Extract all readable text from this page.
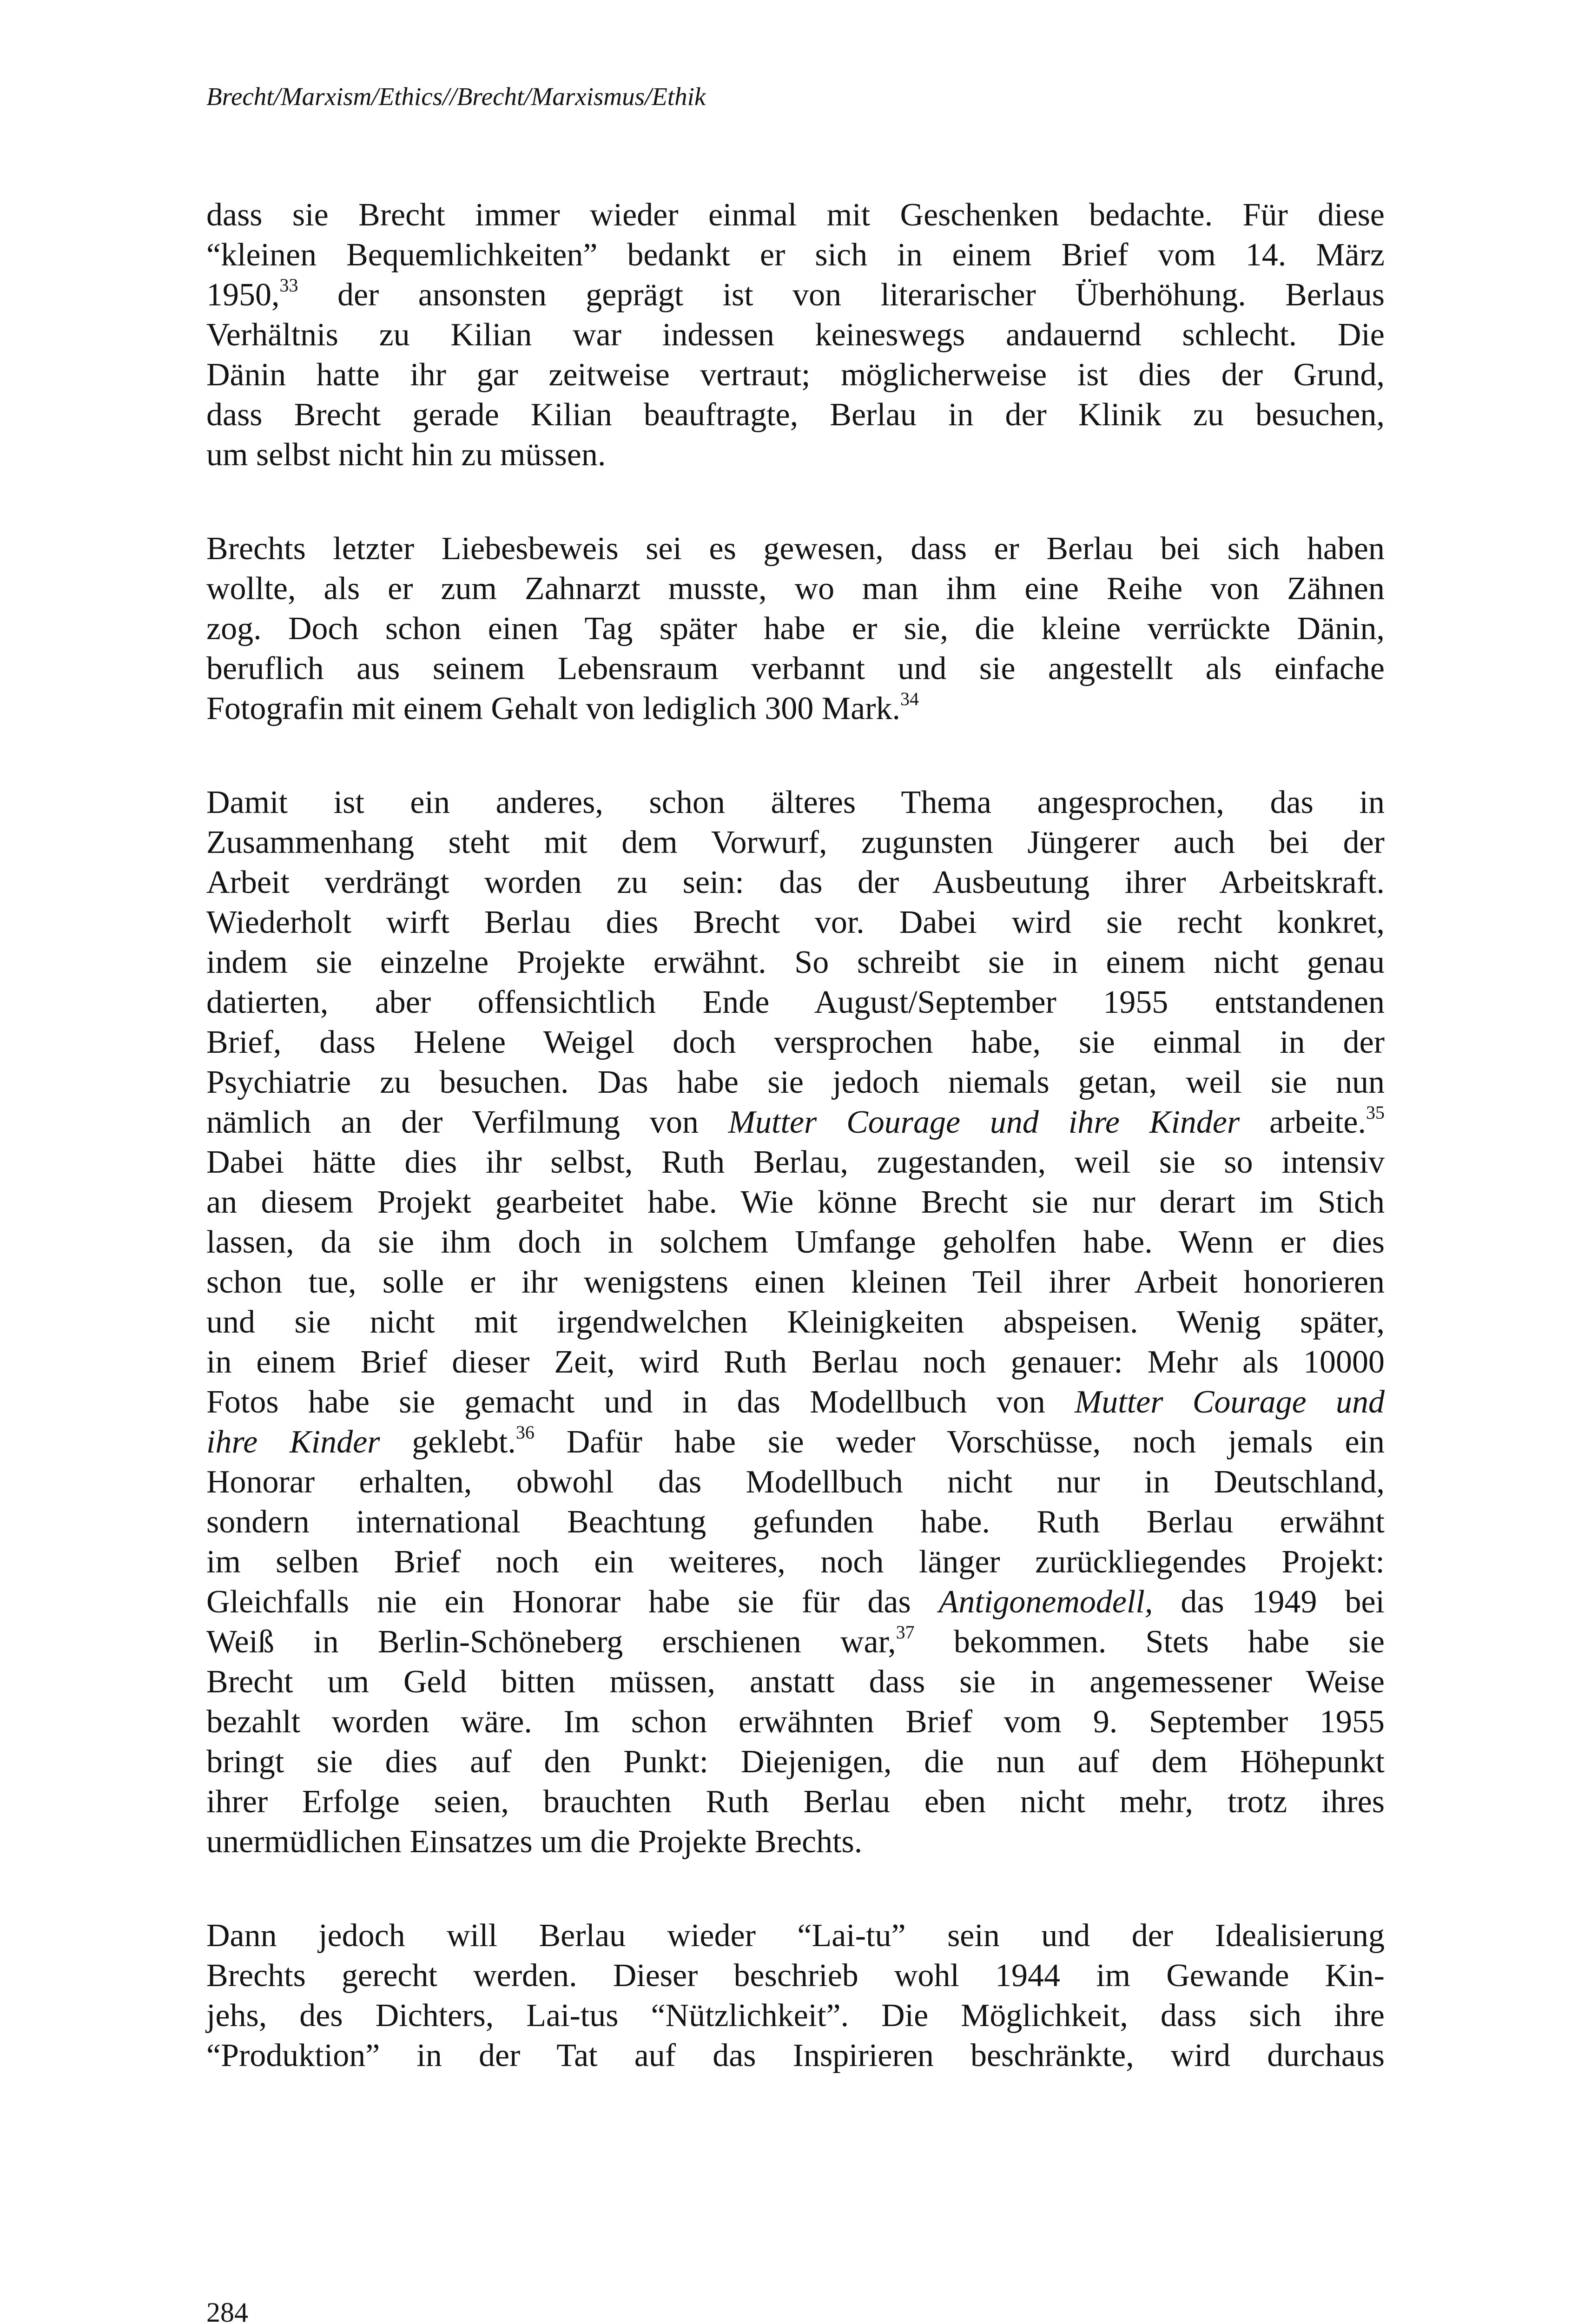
Brecht/Marxism/Ethics//Brecht/Marxismus/Ethik
dass sie Brecht immer wieder einmal mit Geschenken bedachte. Für diese
“kleinen Bequemlichkeiten” bedankt er sich in einem Brief vom 14. März
1950,33 der ansonsten geprägt ist von literarischer Überhöhung. Berlaus
Verhältnis zu Kilian war indessen keineswegs andauernd schlecht. Die
Dänin hatte ihr gar zeitweise vertraut; möglicherweise ist dies der Grund,
dass Brecht gerade Kilian beauftragte, Berlau in der Klinik zu besuchen,
um selbst nicht hin zu müssen.
Brechts letzter Liebesbeweis sei es gewesen, dass er Berlau bei sich haben
wollte, als er zum Zahnarzt musste, wo man ihm eine Reihe von Zähnen
zog. Doch schon einen Tag später habe er sie, die kleine verrückte Dänin,
beruflich aus seinem Lebensraum verbannt und sie angestellt als einfache
Fotografin mit einem Gehalt von lediglich 300 Mark.$^{34}$
Damit ist ein anderes, schon älteres Thema angesprochen, das in
Zusammenhang steht mit dem Vorwurf, zugunsten Jüngerer auch bei der
Arbeit verdrängt worden zu sein: das der Ausbeutung ihrer Arbeitskraft.
Wiederholt wirft Berlau dies Brecht vor. Dabei wird sie recht konkret,
indem sie einzelne Projekte erwähnt. So schreibt sie in einem nicht genau
datierten, aber offensichtlich Ende August/September 1955 entstandenen
Brief, dass Helene Weigel doch versprochen habe, sie einmal in der
Psychiatrie zu besuchen. Das habe sie jedoch niemals getan, weil sie nun
nämlich an der Verfilmung von Mutter Courage und ihre Kinder arbeite.$^{35}$
Dabei hätte dies ihr selbst, Ruth Berlau, zugestanden, weil sie so intensiv
an diesem Projekt gearbeitet habe. Wie könne Brecht sie nur derart im Stich
lassen, da sie ihm doch in solchem Umfange geholfen habe. Wenn er dies
schon tue, solle er ihr wenigstens einen kleinen Teil ihrer Arbeit honorieren
und sie nicht mit irgendwelchen Kleinigkeiten abspeisen. Wenig später,
in einem Brief dieser Zeit, wird Ruth Berlau noch genauer: Mehr als 10000
Fotos habe sie gemacht und in das Modellbuch von Mutter Courage und
ihre Kinder geklebt.$^{36}$ Dafür habe sie weder Vorschüsse, noch jemals ein
Honorar erhalten, obwohl das Modellbuch nicht nur in Deutschland,
sondern international Beachtung gefunden habe. Ruth Berlau erwähnt
im selben Brief noch ein weiteres, noch länger zurückliegendes Projekt:
Gleichfalls nie ein Honorar habe sie für das Antigonemodell, das 1949 bei
Weiß in Berlin-Schöneberg erschienen war,$^{37}$ bekommen. Stets habe sie
Brecht um Geld bitten müssen, anstatt dass sie in angemessener Weise
bezahlt worden wäre. Im schon erwähnten Brief vom 9. September 1955
bringt sie dies auf den Punkt: Diejenigen, die nun auf dem Höhepunkt
ihrer Erfolge seien, brauchten Ruth Berlau eben nicht mehr, trotz ihres
unermüdlichen Einsatzes um die Projekte Brechts.
Dann jedoch will Berlau wieder “Lai-tu” sein und der Idealisierung
Brechts gerecht werden. Dieser beschrieb wohl 1944 im Gewande Kin-
jehs, des Dichters, Lai-tus “Nützlichkeit”. Die Möglichkeit, dass sich ihre
“Produktion” in der Tat auf das Inspirieren beschränkte, wird durchaus
284
